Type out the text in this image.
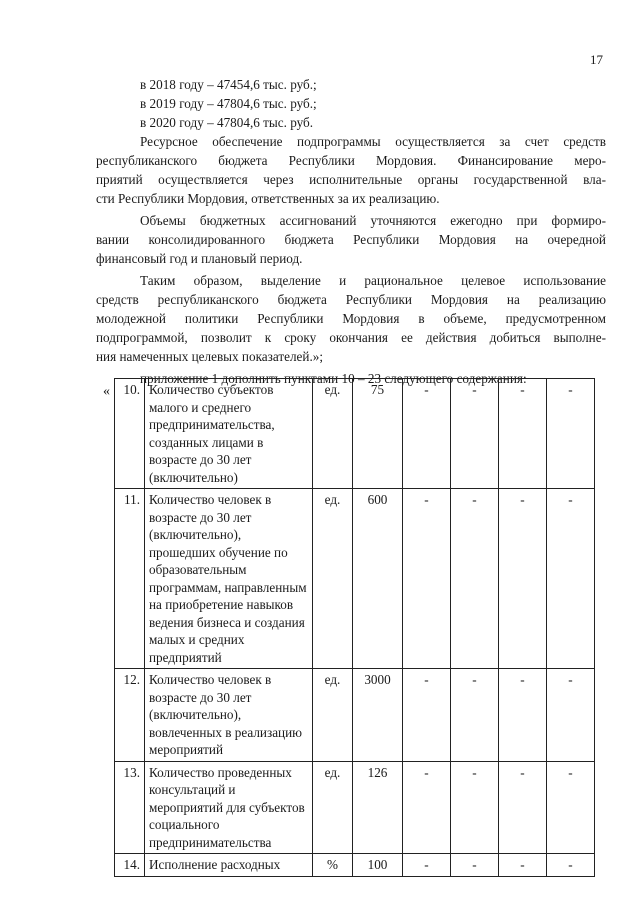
17
в 2018 году – 47454,6 тыс. руб.;
в 2019 году – 47804,6 тыс. руб.;
в 2020 году – 47804,6 тыс. руб.
Ресурсное обеспечение подпрограммы осуществляется за счет средств
республиканского бюджета Республики Мордовия. Финансирование меро-
приятий осуществляется через исполнительные органы государственной вла-
сти Республики Мордовия, ответственных за их реализацию.
Объемы бюджетных ассигнований уточняются ежегодно при формиро-
вании консолидированного бюджета Республики Мордовия на очередной
финансовый год и плановый период.
Таким образом, выделение и рациональное целевое использование
средств республиканского бюджета Республики Мордовия на реализацию
молодежной политики Республики Мордовия в объеме, предусмотренном
подпрограммой, позволит к сроку окончания ее действия добиться выполне-
ния намеченных целевых показателей.»;
приложение 1 дополнить пунктами 10 – 23 следующего содержания:
« 10.	Количество субъектов малого и среднего предпринимательства, созданных лицами в возрасте до 30 лет (включительно)	ед.	75	-	-	-	-
11.	Количество человек в возрасте до 30 лет (включительно), прошедших обучение по образовательным программам, направленным на приобретение навыков ведения бизнеса и создания малых и средних предприятий	ед.	600	-	-	-	-
12.	Количество человек в возрасте до 30 лет (включительно), вовлеченных в реализацию мероприятий	ед.	3000	-	-	-	-
13.	Количество проведенных консультаций и мероприятий для субъектов социального предпринимательства	ед.	126	-	-	-	-
14.	Исполнение расходных	%	100	-	-	-	-
